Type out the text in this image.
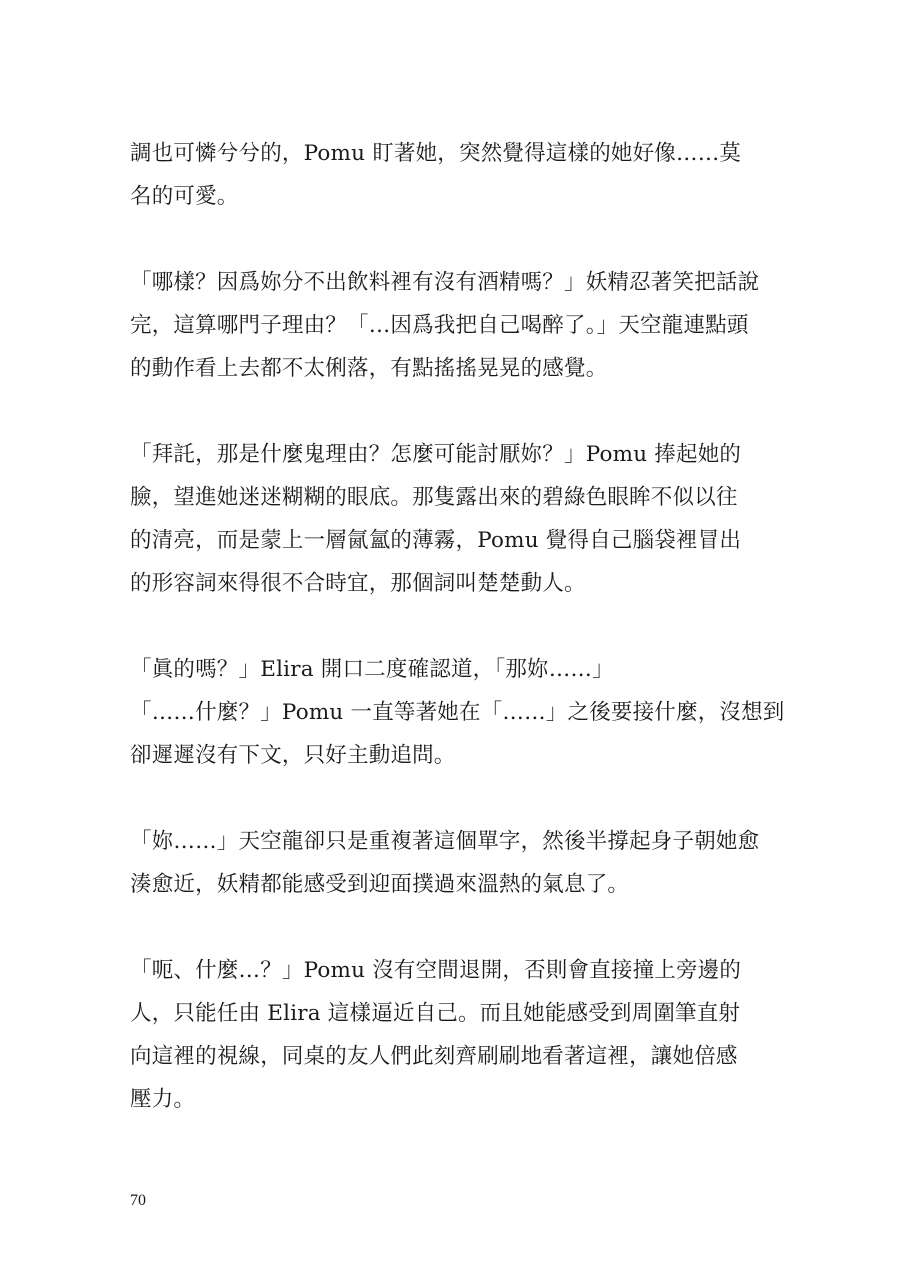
調也可憐兮兮的，Pomu 盯著她，突然覺得這樣的她好像……莫
名的可愛。
「哪樣？因爲妳分不出飲料裡有沒有酒精嗎？」妖精忍著笑把話說
完，這算哪門子理由？「…因爲我把自己喝醉了。」天空龍連點頭
的動作看上去都不太俐落，有點搖搖晃晃的感覺。
「拜託，那是什麼鬼理由？怎麼可能討厭妳？」Pomu 捧起她的
臉，望進她迷迷糊糊的眼底。那隻露出來的碧綠色眼眸不似以往
的清亮，而是蒙上一層氤氳的薄霧，Pomu 覺得自己腦袋裡冒出
的形容詞來得很不合時宜，那個詞叫楚楚動人。
「眞的嗎？」Elira 開口二度確認道，「那妳……」
「……什麼？」Pomu 一直等著她在「……」之後要接什麼，沒想到
卻遲遲沒有下文，只好主動追問。
「妳……」天空龍卻只是重複著這個單字，然後半撐起身子朝她愈
湊愈近，妖精都能感受到迎面撲過來溫熱的氣息了。
「呃、什麼…？」Pomu 沒有空間退開，否則會直接撞上旁邊的
人，只能任由 Elira 這樣逼近自己。而且她能感受到周圍筆直射
向這裡的視線，同桌的友人們此刻齊刷刷地看著這裡，讓她倍感
壓力。
70
